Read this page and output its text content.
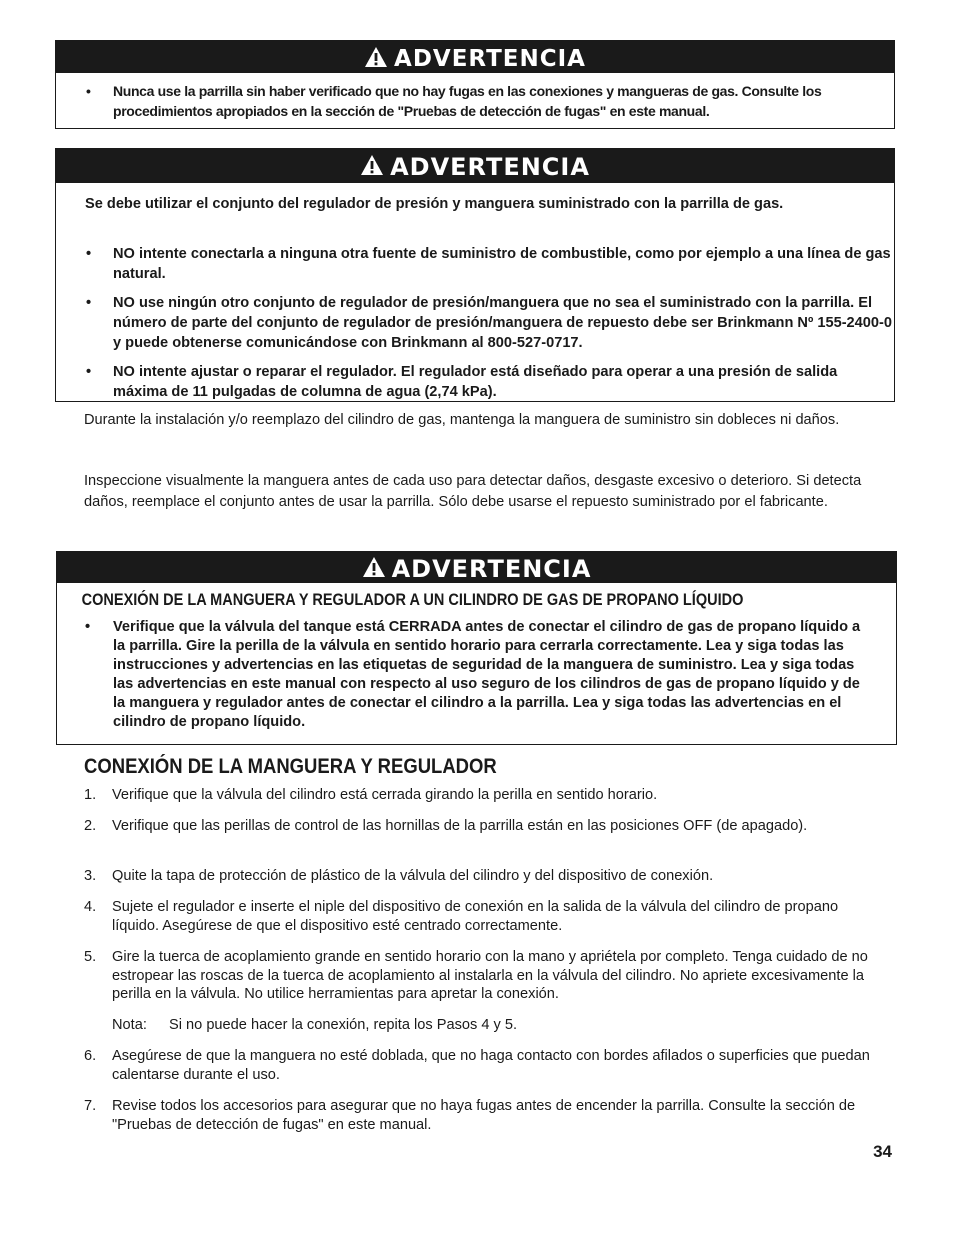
ADVERTENCIA
• Nunca use la parrilla sin haber verificado que no hay fugas en las conexiones y mangueras de gas. Consulte los procedimientos apropiados en la sección de "Pruebas de detección de fugas" en este manual.
ADVERTENCIA
Se debe utilizar el conjunto del regulador de presión y manguera suministrado con la parrilla de gas.
• NO intente conectarla a ninguna otra fuente de suministro de combustible, como por ejemplo a una línea de gas natural.
• NO use ningún otro conjunto de regulador de presión/manguera que no sea el suministrado con la parrilla. El número de parte del conjunto de regulador de presión/manguera de repuesto debe ser Brinkmann Nº 155-2400-0 y puede obtenerse comunicándose con Brinkmann al 800-527-0717.
• NO intente ajustar o reparar el regulador. El regulador está diseñado para operar a una presión de salida máxima de 11 pulgadas de columna de agua (2,74 kPa).
Durante la instalación y/o reemplazo del cilindro de gas, mantenga la manguera de suministro sin dobleces ni daños.
Inspeccione visualmente la manguera antes de cada uso para detectar daños, desgaste excesivo o deterioro. Si detecta daños, reemplace el conjunto antes de usar la parrilla. Sólo debe usarse el repuesto suministrado por el fabricante.
ADVERTENCIA
CONEXIÓN DE LA MANGUERA Y REGULADOR A UN CILINDRO DE GAS DE PROPANO LÍQUIDO
• Verifique que la válvula del tanque está CERRADA antes de conectar el cilindro de gas de propano líquido a la parrilla. Gire la perilla de la válvula en sentido horario para cerrarla correctamente. Lea y siga todas las instrucciones y advertencias en las etiquetas de seguridad de la manguera de suministro. Lea y siga todas las advertencias en este manual con respecto al uso seguro de los cilindros de gas de propano líquido y de la manguera y regulador antes de conectar el cilindro a la parrilla. Lea y siga todas las advertencias en el cilindro de propano líquido.
CONEXIÓN DE LA MANGUERA Y REGULADOR
1.	Verifique que la válvula del cilindro está cerrada girando la perilla en sentido horario.
2.	Verifique que las perillas de control de las hornillas de la parrilla están en las posiciones OFF (de apagado).
3.	Quite la tapa de protección de plástico de la válvula del cilindro y del dispositivo de conexión.
4.	Sujete el regulador e inserte el niple del dispositivo de conexión en la salida de la válvula del cilindro de propano líquido. Asegúrese de que el dispositivo esté centrado correctamente.
5.	Gire la tuerca de acoplamiento grande en sentido horario con la mano y apriétela por completo. Tenga cuidado de no estropear las roscas de la tuerca de acoplamiento al instalarla en la válvula del cilindro. No apriete excesivamente la perilla en la válvula. No utilice herramientas para apretar la conexión.
Nota: Si no puede hacer la conexión, repita los Pasos 4 y 5.
6.	Asegúrese de que la manguera no esté doblada, que no haga contacto con bordes afilados o superficies que puedan calentarse durante el uso.
7.	Revise todos los accesorios para asegurar que no haya fugas antes de encender la parrilla. Consulte la sección de "Pruebas de detección de fugas" en este manual.
34
